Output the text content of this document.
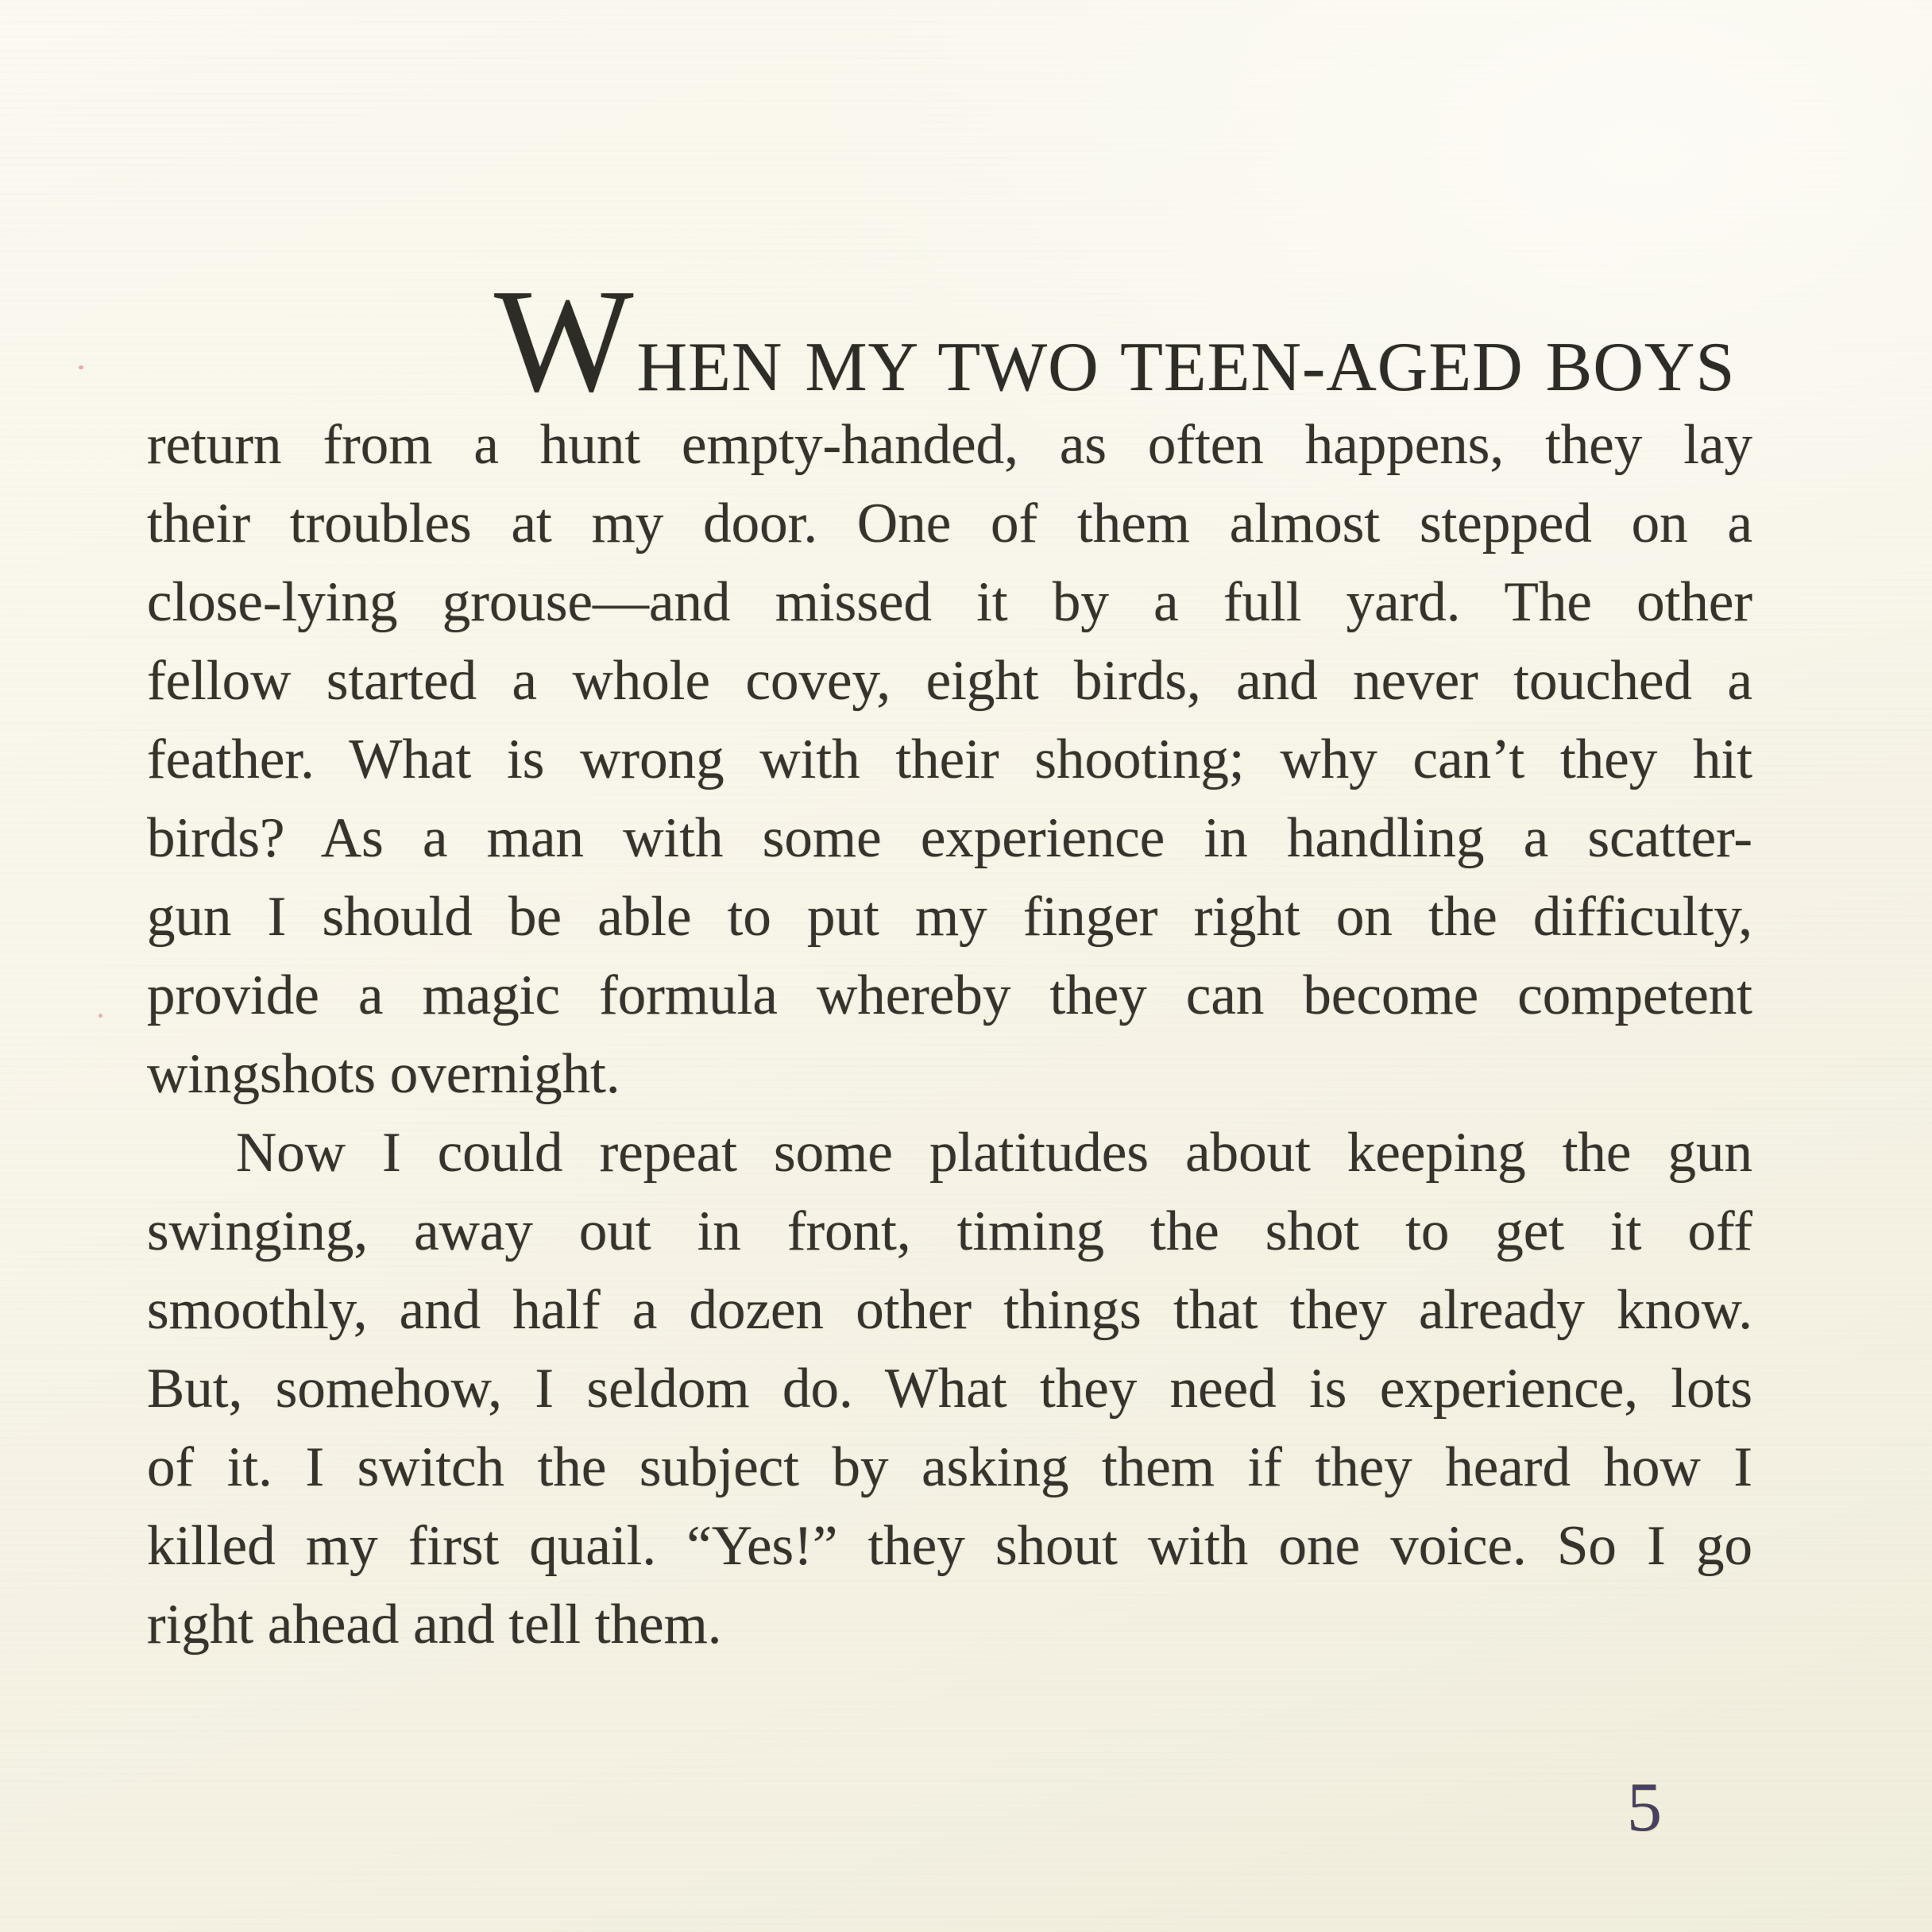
WHEN MY TWO TEEN-AGED BOYS
return from a hunt empty-handed, as often happens, they lay
their troubles at my door. One of them almost stepped on a
close-lying grouse—and missed it by a full yard. The other
fellow started a whole covey, eight birds, and never touched a
feather. What is wrong with their shooting; why can’t they hit
birds? As a man with some experience in handling a scatter-
gun I should be able to put my finger right on the difficulty,
provide a magic formula whereby they can become competent
wingshots overnight.
Now I could repeat some platitudes about keeping the gun
swinging, away out in front, timing the shot to get it off
smoothly, and half a dozen other things that they already know.
But, somehow, I seldom do. What they need is experience, lots
of it. I switch the subject by asking them if they heard how I
killed my first quail. “Yes!” they shout with one voice. So I go
right ahead and tell them.
5
